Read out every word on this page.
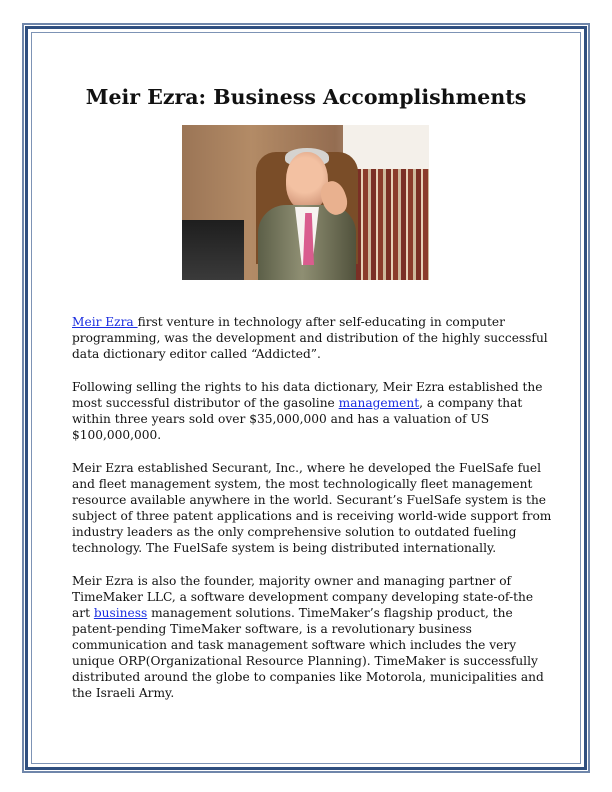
Meir Ezra: Business Accomplishments

Meir Ezra first venture in technology after self-educating in computer programming, was the development and distribution of the highly successful data dictionary editor called “Addicted”.

Following selling the rights to his data dictionary, Meir Ezra established the most successful distributor of the gasoline management, a company that within three years sold over $35,000,000 and has a valuation of US $100,000,000.

Meir Ezra established Securant, Inc., where he developed the FuelSafe fuel and fleet management system, the most technologically fleet management resource available anywhere in the world. Securant’s FuelSafe system is the subject of three patent applications and is receiving world-wide support from industry leaders as the only comprehensive solution to outdated fueling technology. The FuelSafe system is being distributed internationally.

Meir Ezra is also the founder, majority owner and managing partner of TimeMaker LLC, a software development company developing state-of-the art business management solutions. TimeMaker’s flagship product, the patent-pending TimeMaker software, is a revolutionary business communication and task management software which includes the very unique ORP(Organizational Resource Planning). TimeMaker is successfully distributed around the globe to companies like Motorola, municipalities and the Israeli Army.
